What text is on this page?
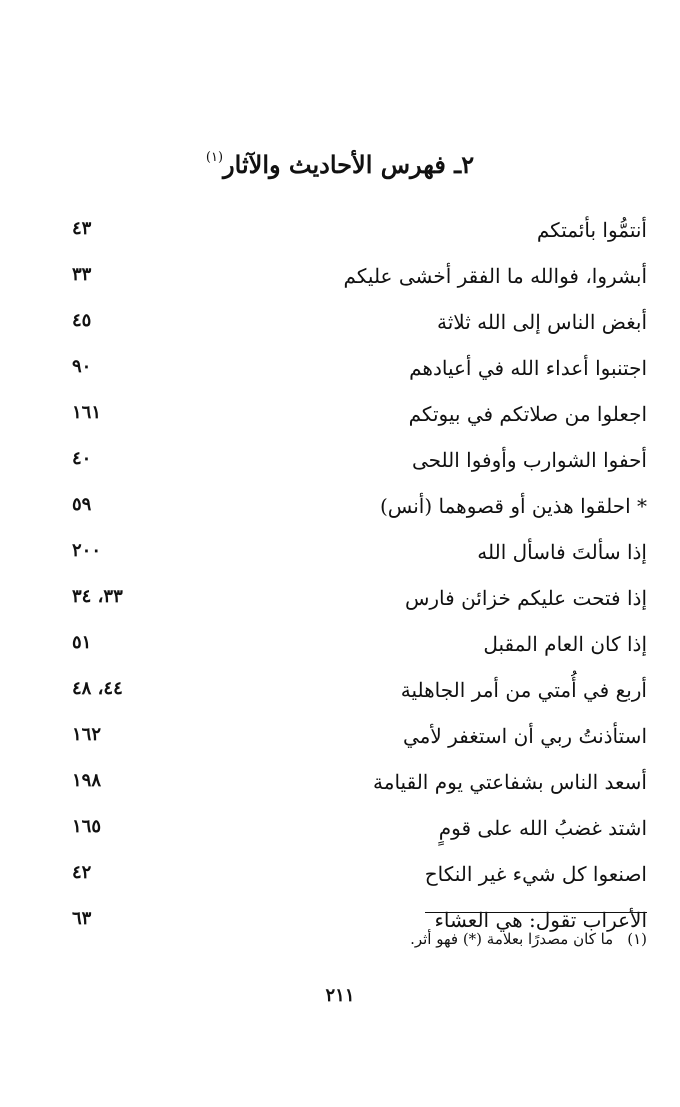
٢ـ فهرس الأحاديث والآثار$^{(١)}$
أنتمُّوا بأئمتكم
٤٣
أبشروا، فوالله ما الفقر أخشى عليكم
٣٣
أبغض الناس إلى الله ثلاثة
٤٥
اجتنبوا أعداء الله في أعيادهم
٩٠
اجعلوا من صلاتكم في بيوتكم
١٦١
أحفوا الشوارب وأوفوا اللحى
٤٠
* احلقوا هذين أو قصوهما (أنس)
٥٩
إذا سألتَ فاسأل الله
٢٠٠
إذا فتحت عليكم خزائن فارس
٣٣، ٣٤
إذا كان العام المقبل
٥١
أربع في أُمتي من أمر الجاهلية
٤٤، ٤٨
استأذنتُ ربي أن استغفر لأمي
١٦٢
أسعد الناس بشفاعتي يوم القيامة
١٩٨
اشتد غضبُ الله على قومٍ
١٦٥
اصنعوا كل شيء غير النكاح
٤٢
الأعراب تقول: هي العشاء
٦٣
(١)ما كان مصدرًا بعلامة (*) فهو أثر.
٢١١
